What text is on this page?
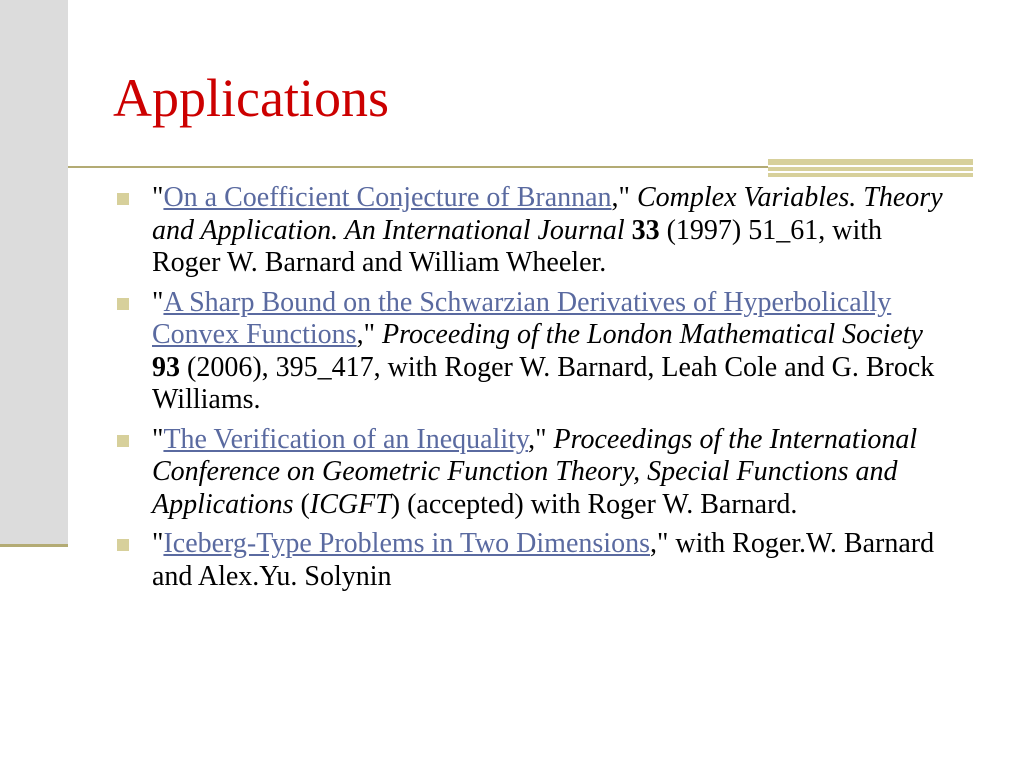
Applications
"On a Coefficient Conjecture of Brannan," Complex Variables. Theory and Application. An International Journal 33 (1997) 51_61, with Roger W. Barnard and William Wheeler.
"A Sharp Bound on the Schwarzian Derivatives of Hyperbolically Convex Functions," Proceeding of the London Mathematical Society 93 (2006), 395_417, with Roger W. Barnard, Leah Cole and G. Brock Williams.
"The Verification of an Inequality," Proceedings of the International Conference on Geometric Function Theory, Special Functions and Applications (ICGFT) (accepted) with Roger W. Barnard.
"Iceberg-Type Problems in Two Dimensions," with Roger.W. Barnard and Alex.Yu. Solynin
